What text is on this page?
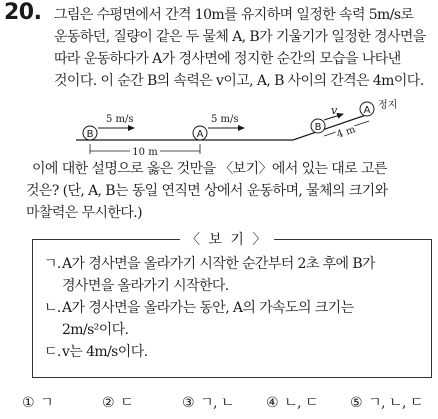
20. 그림은 수평면에서 간격 10m를 유지하며 일정한 속력 5m/s로
운동하던, 질량이 같은 두 물체 A, B가 기울기가 일정한 경사면을
따라 운동하다가 A가 경사면에 정지한 순간의 모습을 나타낸
것이다. 이 순간 B의 속력은 v이고, A, B 사이의 간격은 4m이다.
B
5 m/s
A
5 m/s
10 m
B
v	A 정지
4 m
이에 대한 설명으로 옳은 것만을 〈보기〉에서 있는 대로 고른
것은? (단, A, B는 동일 연직면 상에서 운동하며, 물체의 크기와
마찰력은 무시한다.)
〈 보 기 〉
ㄱ. A가 경사면을 올라가기 시작한 순간부터 2초 후에 B가
경사면을 올라가기 시작한다.
ㄴ. A가 경사면을 올라가는 동안, A의 가속도의 크기는
2m/s²이다.
ㄷ. v는 4m/s이다.
① ㄱ	② ㄷ	③ ㄱ, ㄴ ④ ㄴ, ㄷ ⑤ ㄱ, ㄴ, ㄷ
